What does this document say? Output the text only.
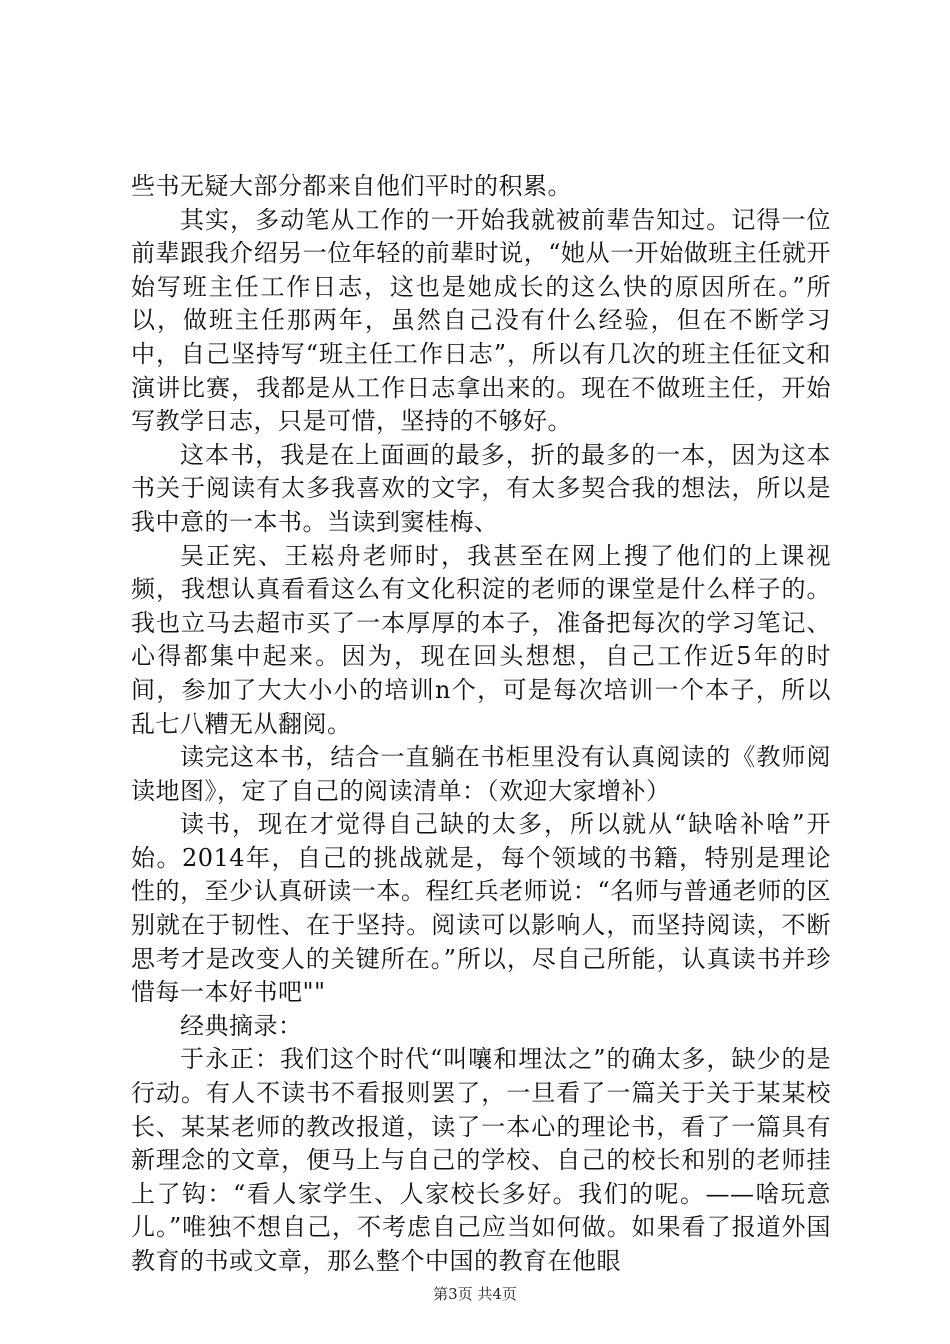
些书无疑大部分都来自他们平时的积累。

其实，多动笔从工作的一开始我就被前辈告知过。记得一位前辈跟我介绍另一位年轻的前辈时说，“她从一开始做班主任就开始写班主任工作日志，这也是她成长的这么快的原因所在。”所以，做班主任那两年，虽然自己没有什么经验，但在不断学习中，自己坚持写“班主任工作日志”，所以有几次的班主任征文和演讲比赛，我都是从工作日志拿出来的。现在不做班主任，开始写教学日志，只是可惜，坚持的不够好。

这本书，我是在上面画的最多，折的最多的一本，因为这本书关于阅读有太多我喜欢的文字，有太多契合我的想法，所以是我中意的一本书。当读到窦桂梅、

吴正宪、王崧舟老师时，我甚至在网上搜了他们的上课视频，我想认真看看这么有文化积淀的老师的课堂是什么样子的。我也立马去超市买了一本厚厚的本子，准备把每次的学习笔记、心得都集中起来。因为，现在回头想想，自己工作近5年的时间，参加了大大小小的培训n个，可是每次培训一个本子，所以乱七八糟无从翻阅。

读完这本书，结合一直躺在书柜里没有认真阅读的《教师阅读地图》，定了自己的阅读清单：（欢迎大家增补）

读书，现在才觉得自己缺的太多，所以就从“缺啥补啥”开始。2014年，自己的挑战就是，每个领域的书籍，特别是理论性的，至少认真研读一本。程红兵老师说：“名师与普通老师的区别就在于韧性、在于坚持。阅读可以影响人，而坚持阅读，不断思考才是改变人的关键所在。”所以，尽自己所能，认真读书并珍惜每一本好书吧""

经典摘录：

于永正：我们这个时代“叫嚷和埋汰之”的确太多，缺少的是行动。有人不读书不看报则罢了，一旦看了一篇关于关于某某校长、某某老师的教改报道，读了一本心的理论书，看了一篇具有新理念的文章，便马上与自己的学校、自己的校长和别的老师挂上了钩：“看人家学生、人家校长多好。我们的呢。——啥玩意儿。”唯独不想自己，不考虑自己应当如何做。如果看了报道外国教育的书或文章，那么整个中国的教育在他眼

第3页 共4页
